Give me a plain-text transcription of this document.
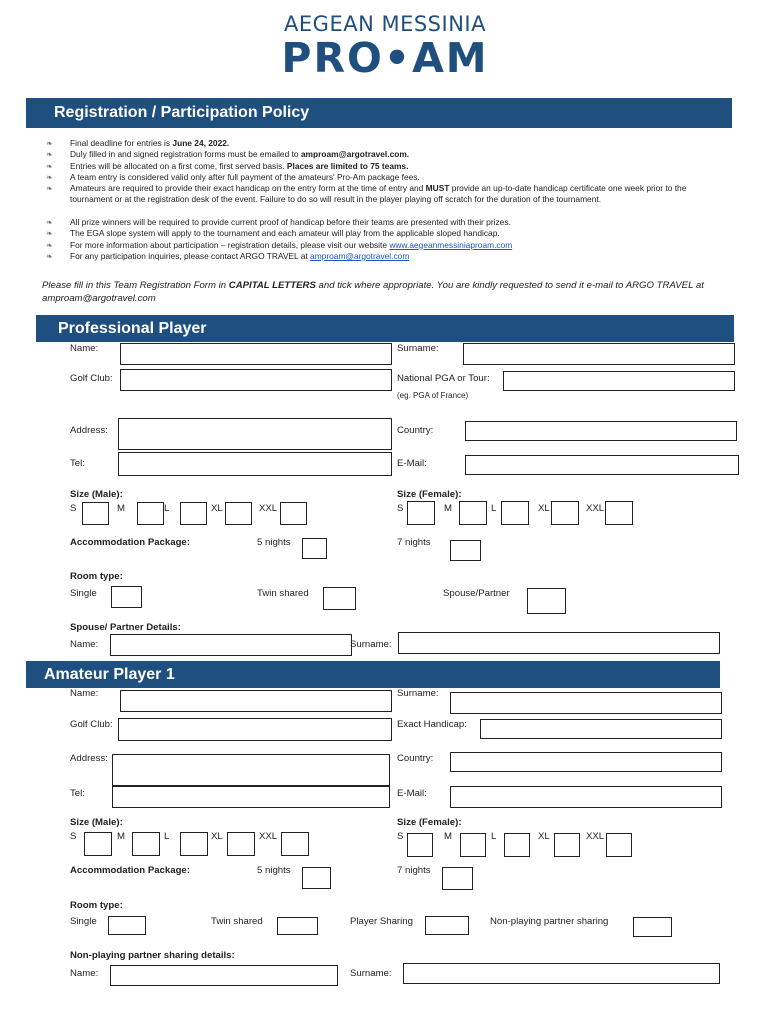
AEGEAN MESSINIA
PRO•AM
Registration / Participation Policy
❧ Final deadline for entries is June 24, 2022.
❧ Duly filled in and signed registration forms must be emailed to amproam@argotravel.com.
❧ Entries will be allocated on a first come, first served basis. Places are limited to 75 teams.
❧ A team entry is considered valid only after full payment of the amateurs' Pro-Am package fees.
❧ Amateurs are required to provide their exact handicap on the entry form at the time of entry and MUST provide an up-to-date handicap certificate one week prior to the tournament or at the registration desk of the event. Failure to do so will result in the player playing off scratch for the duration of the tournament.
❧ All prize winners will be required to provide current proof of handicap before their teams are presented with their prizes.
❧ The EGA slope system will apply to the tournament and each amateur will play from the applicable sloped handicap.
❧ For more information about participation – registration details, please visit our website www.aegeanmessiniaproam.com
❧ For any participation inquiries, please contact ARGO TRAVEL at amproam@argotravel.com
Please fill in this Team Registration Form in CAPITAL LETTERS and tick where appropriate. You are kindly requested to send it e-mail to ARGO TRAVEL at amproam@argotravel.com
Professional Player
Name:	Surname:
Golf Club:	National PGA or Tour:
(eg. PGA of France)
Address:	Country:
Tel:	E-Mail:
Size (Male):	Size (Female):
S	M	L	XL	XXL	S	M	L	XL	XXL
Accommodation Package:	5 nights	7 nights
Room type:
Single	Twin shared	Spouse/Partner
Spouse/ Partner Details:
Name:	Surname:
Amateur Player 1
Name:	Surname:
Golf Club:	Exact Handicap:
Address:	Country:
Tel:	E-Mail:
Size (Male):	Size (Female):
S	M	L	XL	XXL	S	M	L	XL	XXL
Accommodation Package:	5 nights	7 nights
Room type:
Single	Twin shared	Player Sharing	Non-playing partner sharing
Non-playing partner sharing details:
Name:	Surname:
